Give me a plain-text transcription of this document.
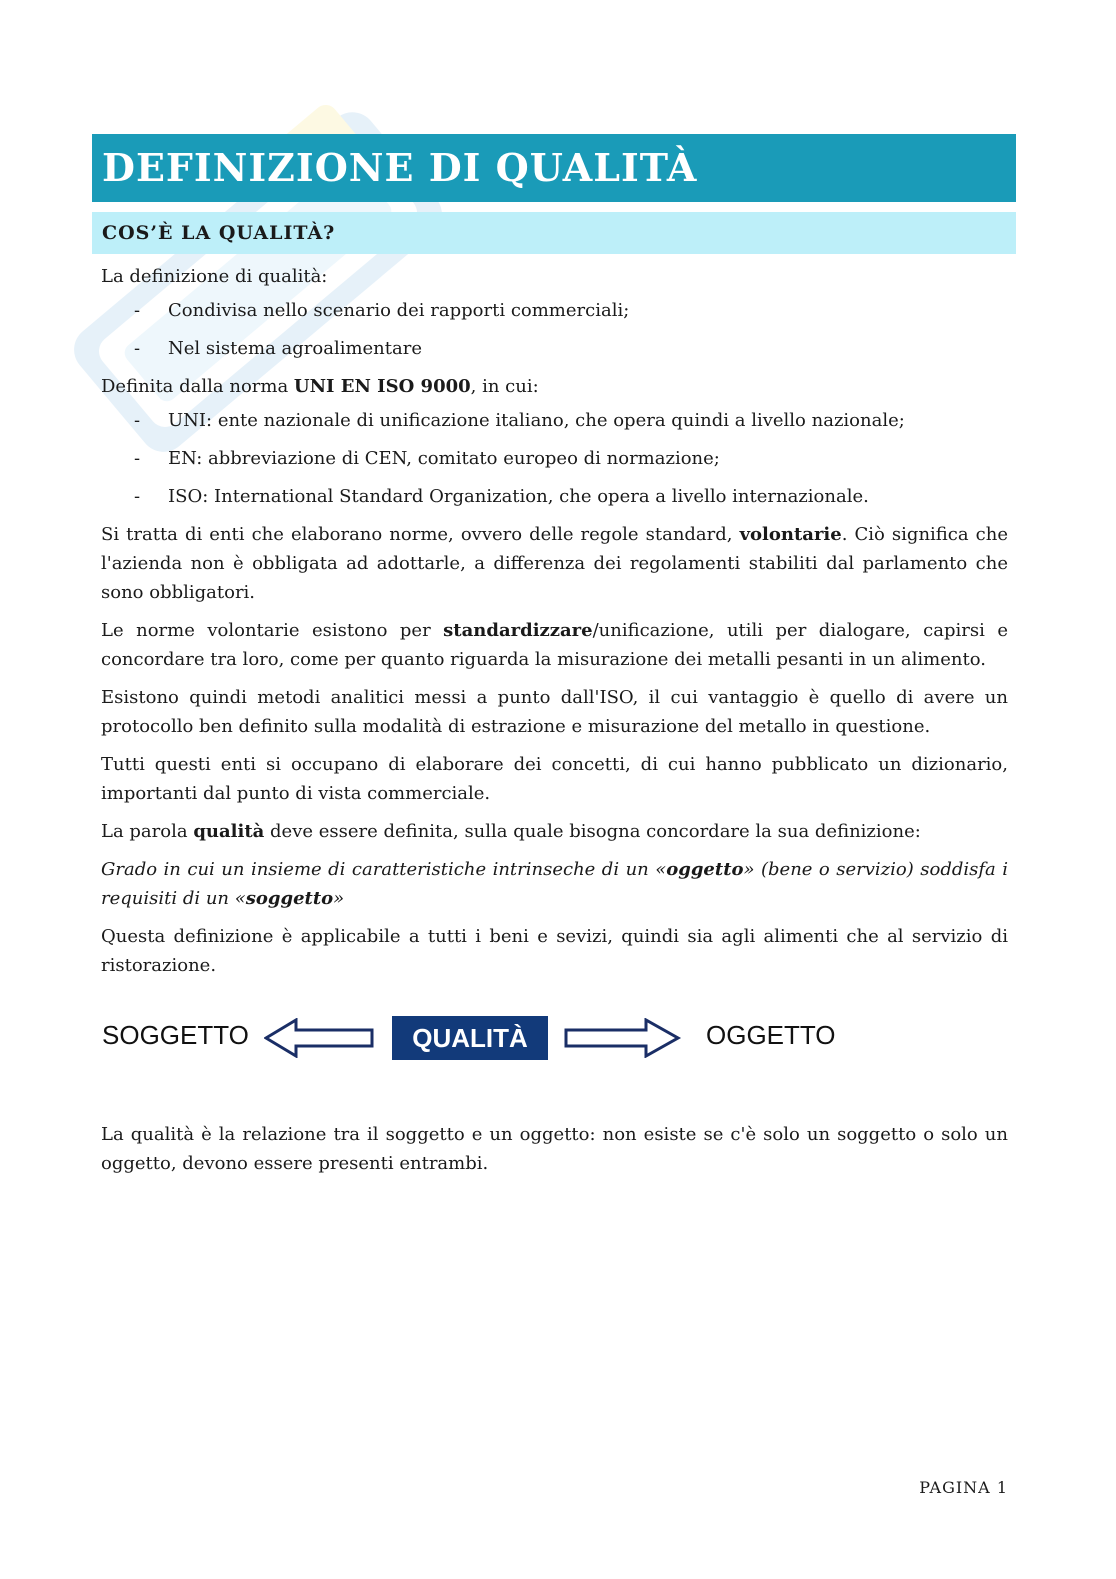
DEFINIZIONE DI QUALITÀ
COS’È LA QUALITÀ?

La definizione di qualità:

-	Condivisa nello scenario dei rapporti commerciali;
-	Nel sistema agroalimentare

Definita dalla norma UNI EN ISO 9000, in cui:

-	UNI: ente nazionale di unificazione italiano, che opera quindi a livello nazionale;
-	EN: abbreviazione di CEN, comitato europeo di normazione;
-	ISO: International Standard Organization, che opera a livello internazionale.

Si tratta di enti che elaborano norme, ovvero delle regole standard, volontarie. Ciò significa che l'azienda non è obbligata ad adottarle, a differenza dei regolamenti stabiliti dal parlamento che sono obbligatori.

Le norme volontarie esistono per standardizzare/unificazione, utili per dialogare, capirsi e concordare tra loro, come per quanto riguarda la misurazione dei metalli pesanti in un alimento.

Esistono quindi metodi analitici messi a punto dall'ISO, il cui vantaggio è quello di avere un protocollo ben definito sulla modalità di estrazione e misurazione del metallo in questione.

Tutti questi enti si occupano di elaborare dei concetti, di cui hanno pubblicato un dizionario, importanti dal punto di vista commerciale.

La parola qualità deve essere definita, sulla quale bisogna concordare la sua definizione:

Grado in cui un insieme di caratteristiche intrinseche di un «oggetto» (bene o servizio) soddisfa i requisiti di un «soggetto»

Questa definizione è applicabile a tutti i beni e sevizi, quindi sia agli alimenti che al servizio di ristorazione.

SOGGETTO	QUALITÀ	OGGETTO

La qualità è la relazione tra il soggetto e un oggetto: non esiste se c'è solo un soggetto o solo un oggetto, devono essere presenti entrambi.

PAGINA 1
